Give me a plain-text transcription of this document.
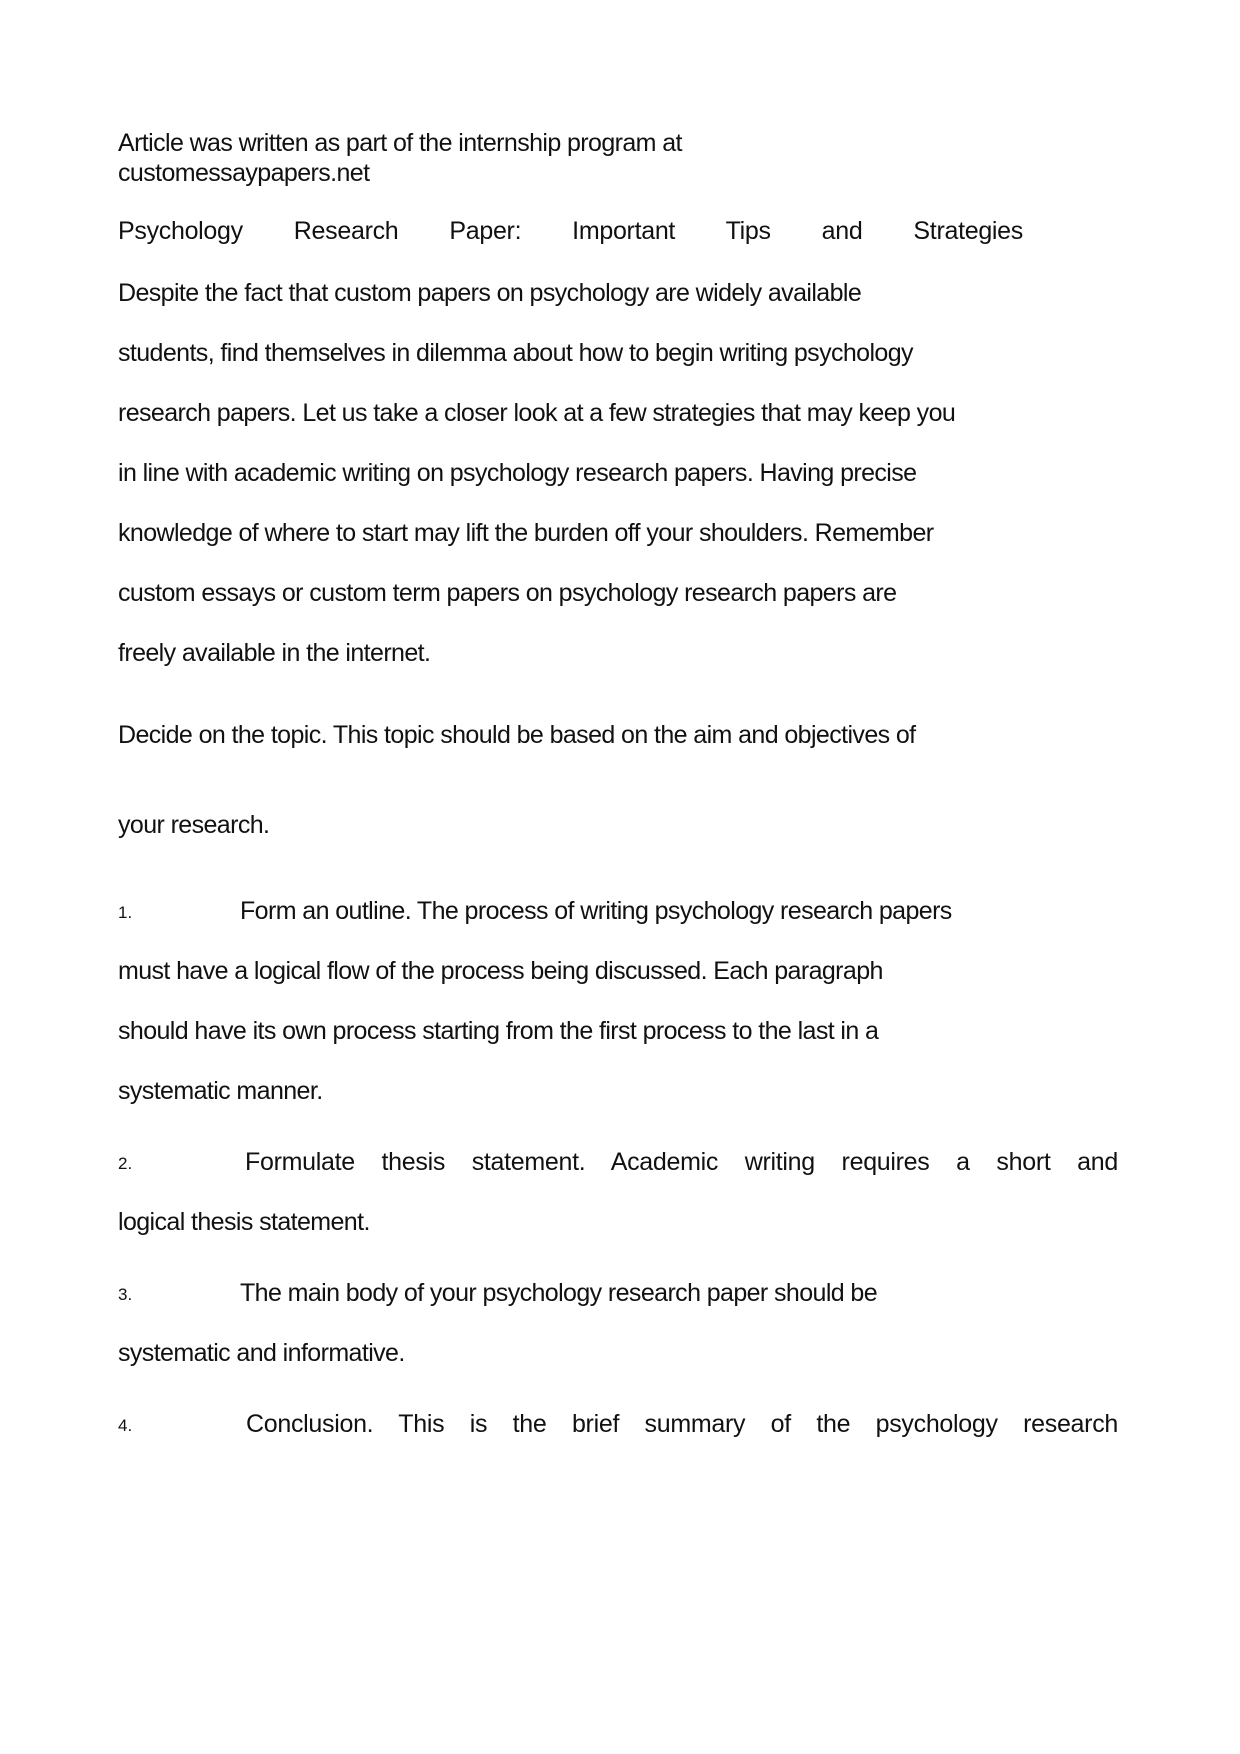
Article was written as part of the internship program at
customessaypapers.net
Psychology Research Paper: Important Tips and Strategies
Despite the fact that custom papers on psychology are widely available
students, find themselves in dilemma about how to begin writing psychology
research papers. Let us take a closer look at a few strategies that may keep you
in line with academic writing on psychology research papers. Having precise
knowledge of where to start may lift the burden off your shoulders. Remember
custom essays or custom term papers on psychology research papers are
freely available in the internet.
Decide on the topic. This topic should be based on the aim and objectives of
your research.
1.	Form an outline. The process of writing psychology research papers
must have a logical flow of the process being discussed. Each paragraph
should have its own process starting from the first process to the last in a
systematic manner.
2.	Formulate thesis statement. Academic writing requires a short and
logical thesis statement.
3.	The main body of your psychology research paper should be
systematic and informative.
4.	Conclusion. This is the brief summary of the psychology research
